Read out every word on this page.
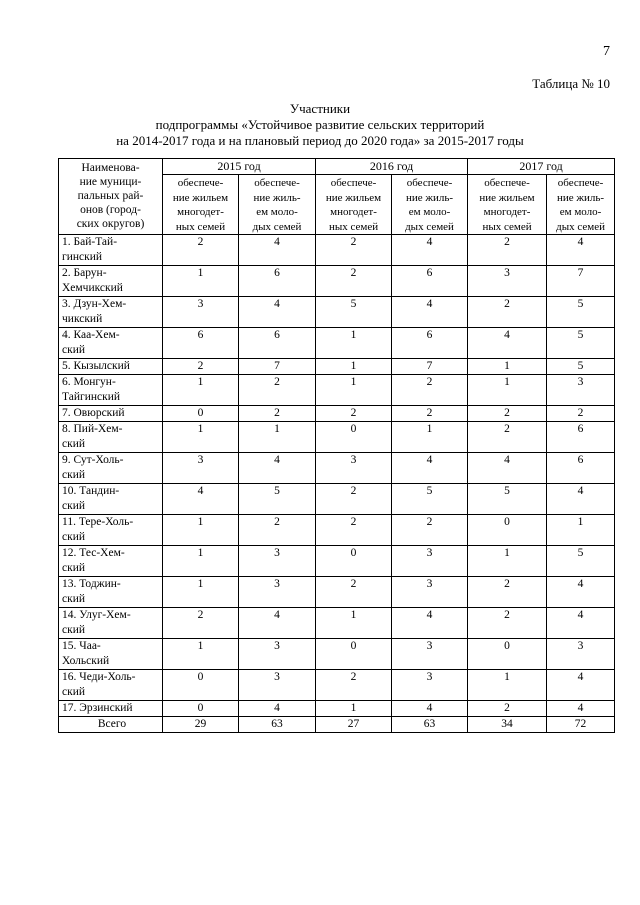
7
Таблица № 10
Участники
подпрограммы «Устойчивое развитие сельских территорий
на 2014-2017 года и на плановый период до 2020 года» за 2015-2017 годы
Наименова-
ние муници-
пальных рай-
онов (город-
ских округов)	2015 год		2016 год		2017 год	
	обеспече-
ние жильем
многодет-
ных семей	обеспече-
ние жиль-
ем моло-
дых семей	обеспече-
ние жильем
многодет-
ных семей	обеспече-
ние жиль-
ем моло-
дых семей	обеспече-
ние жильем
многодет-
ных семей	обеспече-
ние жиль-
ем моло-
дых семей
1. Бай-Тай-
гинский	2	4	2	4	2	4
2. Барун-
Хемчикский	1	6	2	6	3	7
3. Дзун-Хем-
чикский	3	4	5	4	2	5
4. Каа-Хем-
ский	6	6	1	6	4	5
5. Кызылский	2	7	1	7	1	5
6. Монгун-
Тайгинский	1	2	1	2	1	3
7. Овюрский	0	2	2	2	2	2
8. Пий-Хем-
ский	1	1	0	1	2	6
9. Сут-Холь-
ский	3	4	3	4	4	6
10. Тандин-
ский	4	5	2	5	5	4
11. Тере-Холь-
ский	1	2	2	2	0	1
12. Тес-Хем-
ский	1	3	0	3	1	5
13. Тоджин-
ский	1	3	2	3	2	4
14. Улуг-Хем-
ский	2	4	1	4	2	4
15. Чаа-
Хольский	1	3	0	3	0	3
16. Чеди-Холь-
ский	0	3	2	3	1	4
17. Эрзинский	0	4	1	4	2	4
Всего	29	63	27	63	34	72
